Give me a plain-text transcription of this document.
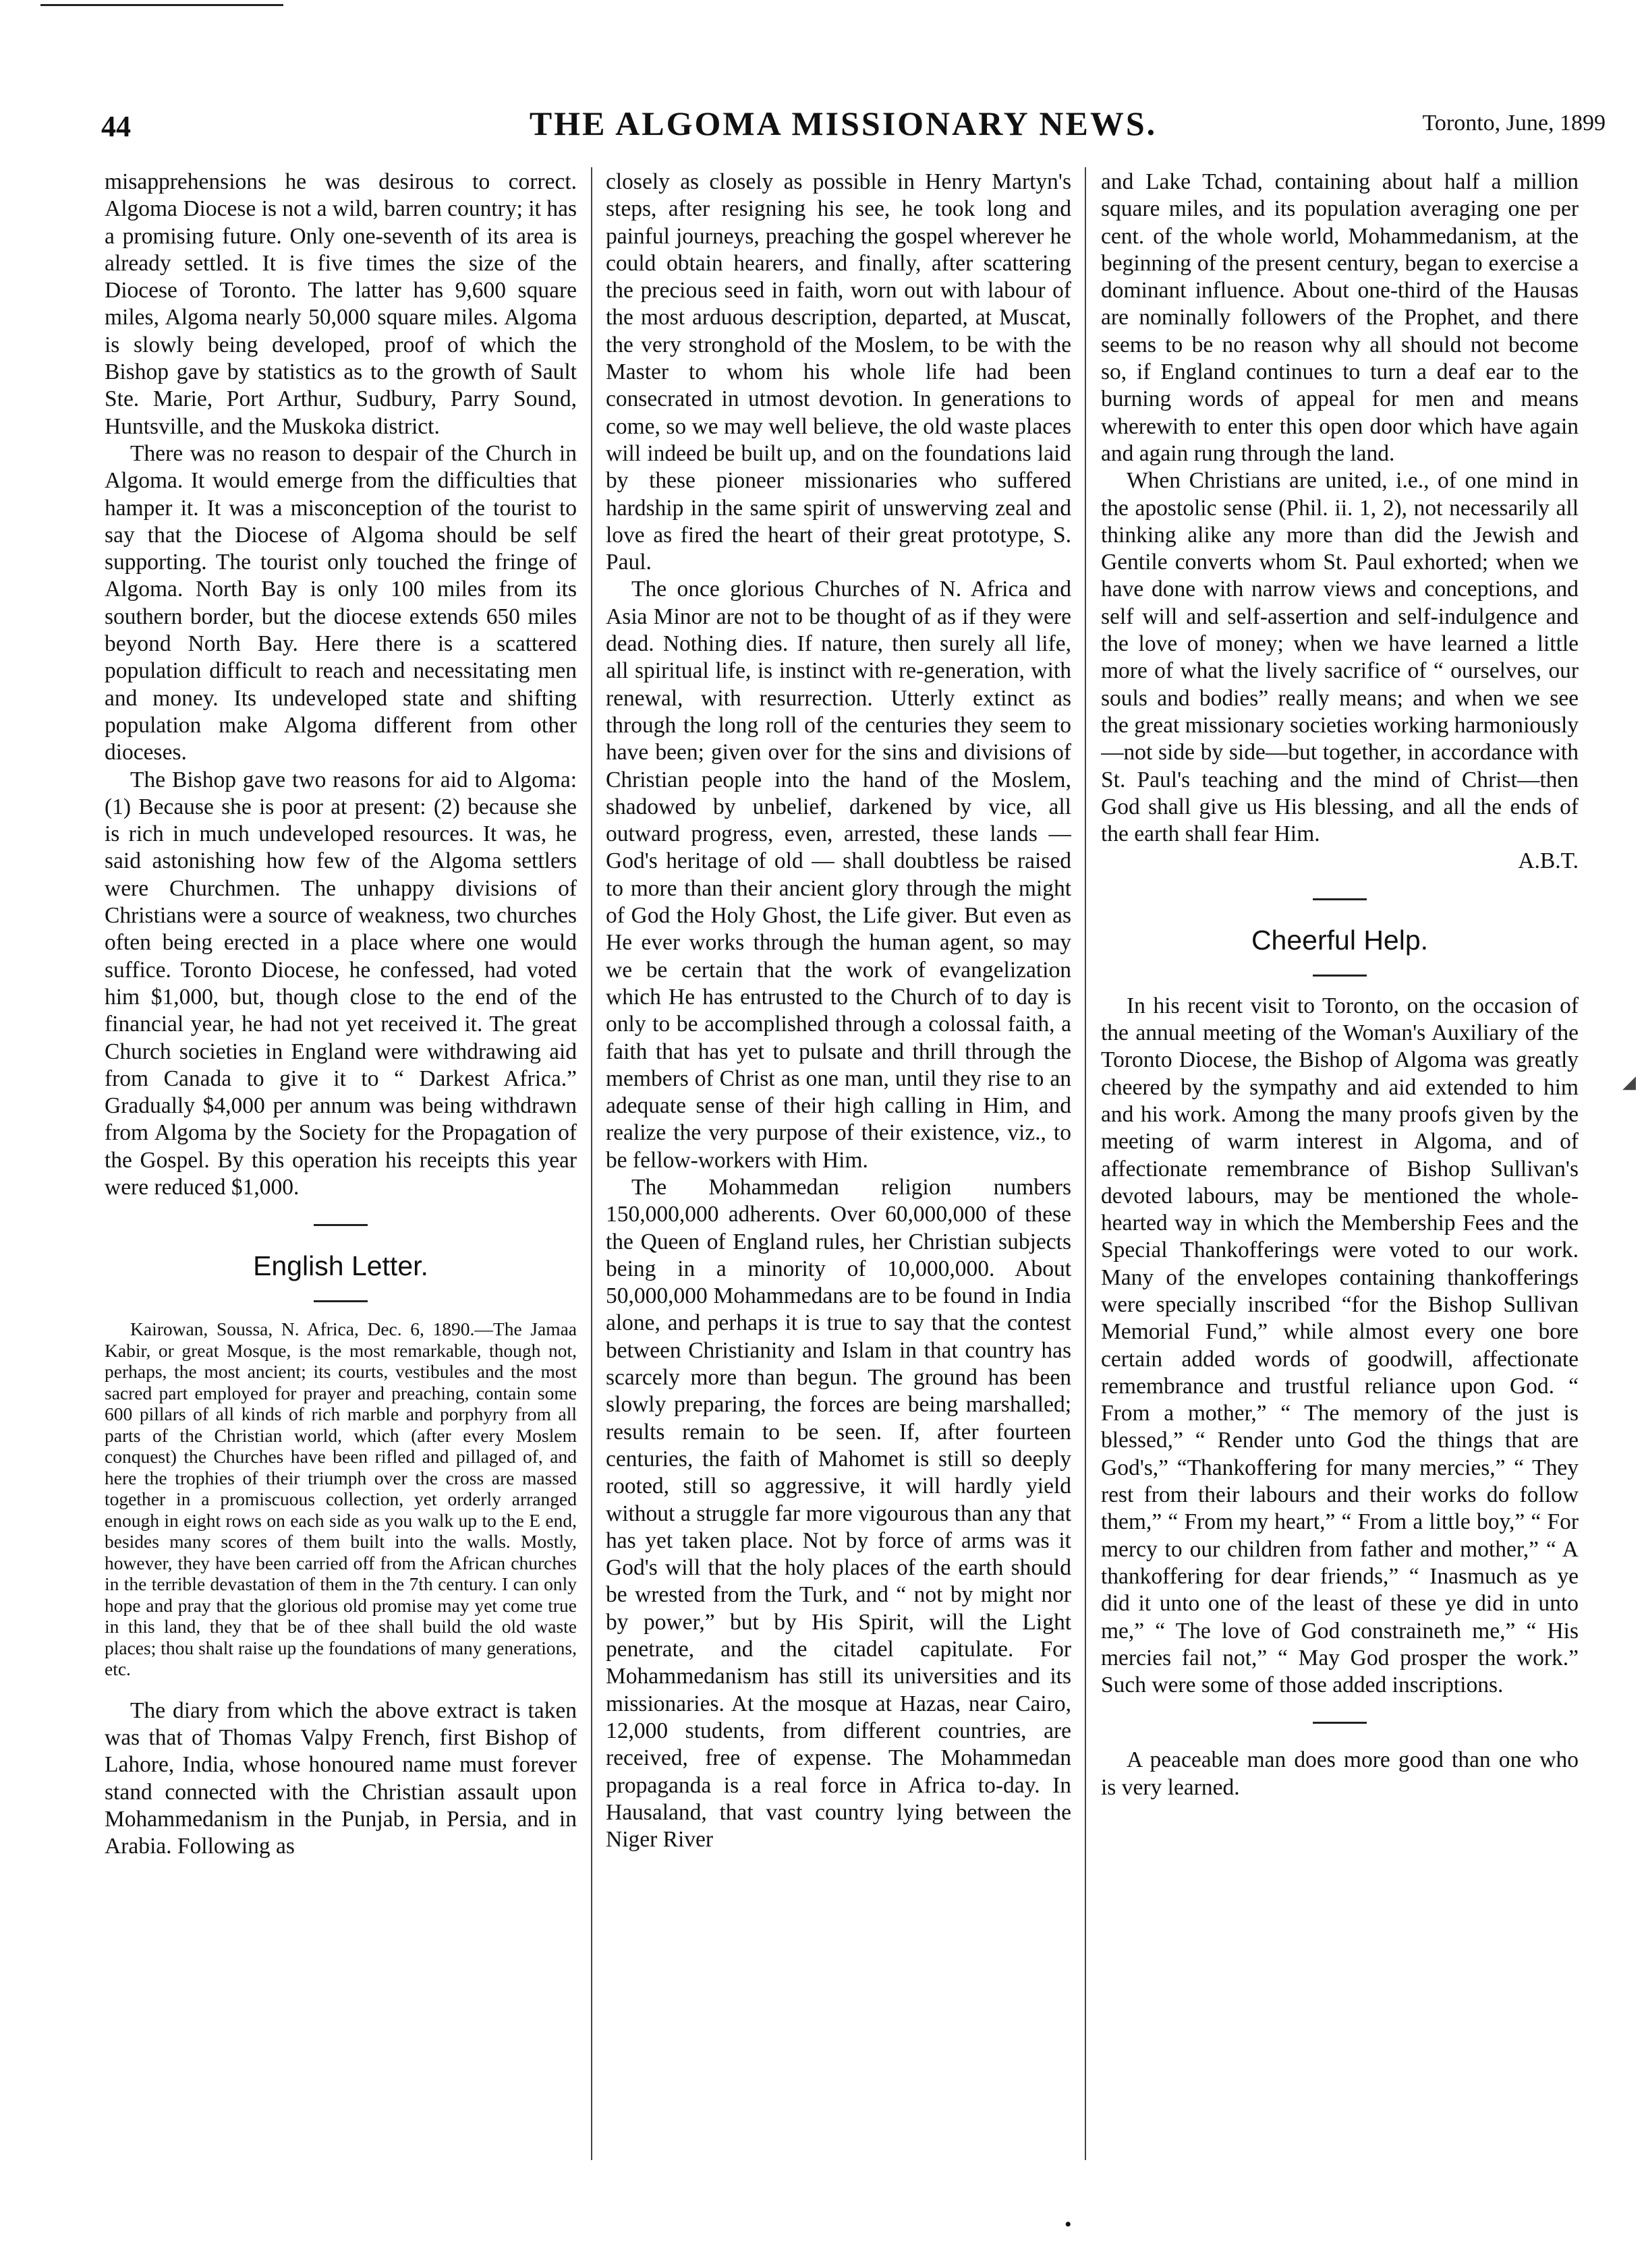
44	THE ALGOMA MISSIONARY NEWS.	Toronto, June, 1899

misapprehensions he was desirous to correct. Algoma Diocese is not a wild, barren country; it has a promising future. Only one-seventh of its area is already settled. It is five times the size of the Diocese of Toronto. The latter has 9,600 square miles, Algoma nearly 50,000 square miles. Algoma is slowly being developed, proof of which the Bishop gave by statistics as to the growth of Sault Ste. Marie, Port Arthur, Sudbury, Parry Sound, Huntsville, and the Muskoka district.

There was no reason to despair of the Church in Algoma. It would emerge from the difficulties that hamper it. It was a misconception of the tourist to say that the Diocese of Algoma should be self supporting. The tourist only touched the fringe of Algoma. North Bay is only 100 miles from its southern border, but the diocese extends 650 miles beyond North Bay. Here there is a scattered population difficult to reach and necessitating men and money. Its undeveloped state and shifting population make Algoma different from other dioceses.

The Bishop gave two reasons for aid to Algoma: (1) Because she is poor at present: (2) because she is rich in much undeveloped resources. It was, he said astonishing how few of the Algoma settlers were Churchmen. The unhappy divisions of Christians were a source of weakness, two churches often being erected in a place where one would suffice. Toronto Diocese, he confessed, had voted him $1,000, but, though close to the end of the financial year, he had not yet received it. The great Church societies in England were withdrawing aid from Canada to give it to “ Darkest Africa.” Gradually $4,000 per annum was being withdrawn from Algoma by the Society for the Propagation of the Gospel. By this operation his receipts this year were reduced $1,000.

English Letter.

Kairowan, Soussa, N. Africa, Dec. 6, 1890.—The Jamaa Kabir, or great Mosque, is the most remarkable, though not, perhaps, the most ancient; its courts, vestibules and the most sacred part employed for prayer and preaching, contain some 600 pillars of all kinds of rich marble and porphyry from all parts of the Christian world, which (after every Moslem conquest) the Churches have been rifled and pillaged of, and here the trophies of their triumph over the cross are massed together in a promiscuous collection, yet orderly arranged enough in eight rows on each side as you walk up to the E end, besides many scores of them built into the walls. Mostly, however, they have been carried off from the African churches in the terrible devastation of them in the 7th century. I can only hope and pray that the glorious old promise may yet come true in this land, they that be of thee shall build the old waste places; thou shalt raise up the foundations of many generations, etc.

The diary from which the above extract is taken was that of Thomas Valpy French, first Bishop of Lahore, India, whose honoured name must forever stand connected with the Christian assault upon Mohammedanism in the Punjab, in Persia, and in Arabia. Following as

closely as closely as possible in Henry Martyn's steps, after resigning his see, he took long and painful journeys, preaching the gospel wherever he could obtain hearers, and finally, after scattering the precious seed in faith, worn out with labour of the most arduous description, departed, at Muscat, the very stronghold of the Moslem, to be with the Master to whom his whole life had been consecrated in utmost devotion. In generations to come, so we may well believe, the old waste places will indeed be built up, and on the foundations laid by these pioneer missionaries who suffered hardship in the same spirit of unswerving zeal and love as fired the heart of their great prototype, S. Paul.

The once glorious Churches of N. Africa and Asia Minor are not to be thought of as if they were dead. Nothing dies. If nature, then surely all life, all spiritual life, is instinct with re-generation, with renewal, with resurrection. Utterly extinct as through the long roll of the centuries they seem to have been; given over for the sins and divisions of Christian people into the hand of the Moslem, shadowed by unbelief, darkened by vice, all outward progress, even, arrested, these lands — God's heritage of old — shall doubtless be raised to more than their ancient glory through the might of God the Holy Ghost, the Life giver. But even as He ever works through the human agent, so may we be certain that the work of evangelization which He has entrusted to the Church of to day is only to be accomplished through a colossal faith, a faith that has yet to pulsate and thrill through the members of Christ as one man, until they rise to an adequate sense of their high calling in Him, and realize the very purpose of their existence, viz., to be fellow-workers with Him.

The Mohammedan religion numbers 150,000,000 adherents. Over 60,000,000 of these the Queen of England rules, her Christian subjects being in a minority of 10,000,000. About 50,000,000 Mohammedans are to be found in India alone, and perhaps it is true to say that the contest between Christianity and Islam in that country has scarcely more than begun. The ground has been slowly preparing, the forces are being marshalled; results remain to be seen. If, after fourteen centuries, the faith of Mahomet is still so deeply rooted, still so aggressive, it will hardly yield without a struggle far more vigourous than any that has yet taken place. Not by force of arms was it God's will that the holy places of the earth should be wrested from the Turk, and “ not by might nor by power,” but by His Spirit, will the Light penetrate, and the citadel capitulate. For Mohammedanism has still its universities and its missionaries. At the mosque at Hazas, near Cairo, 12,000 students, from different countries, are received, free of expense. The Mohammedan propaganda is a real force in Africa to-day. In Hausaland, that vast country lying between the Niger River

and Lake Tchad, containing about half a million square miles, and its population averaging one per cent. of the whole world, Mohammedanism, at the beginning of the present century, began to exercise a dominant influence. About one-third of the Hausas are nominally followers of the Prophet, and there seems to be no reason why all should not become so, if England continues to turn a deaf ear to the burning words of appeal for men and means wherewith to enter this open door which have again and again rung through the land.

When Christians are united, i.e., of one mind in the apostolic sense (Phil. ii. 1, 2), not necessarily all thinking alike any more than did the Jewish and Gentile converts whom St. Paul exhorted; when we have done with narrow views and conceptions, and self will and self-assertion and self-indulgence and the love of money; when we have learned a little more of what the lively sacrifice of “ ourselves, our souls and bodies” really means; and when we see the great missionary societies working harmoniously —not side by side—but together, in accordance with St. Paul's teaching and the mind of Christ—then God shall give us His blessing, and all the ends of the earth shall fear Him.

A.B.T.

Cheerful Help.

In his recent visit to Toronto, on the occasion of the annual meeting of the Woman's Auxiliary of the Toronto Diocese, the Bishop of Algoma was greatly cheered by the sympathy and aid extended to him and his work. Among the many proofs given by the meeting of warm interest in Algoma, and of affectionate remembrance of Bishop Sullivan's devoted labours, may be mentioned the whole-hearted way in which the Membership Fees and the Special Thankofferings were voted to our work. Many of the envelopes containing thankofferings were specially inscribed “for the Bishop Sullivan Memorial Fund,” while almost every one bore certain added words of goodwill, affectionate remembrance and trustful reliance upon God. “ From a mother,” “ The memory of the just is blessed,” “ Render unto God the things that are God's,” “Thankoffering for many mercies,” “ They rest from their labours and their works do follow them,” “ From my heart,” “ From a little boy,” “ For mercy to our children from father and mother,” “ A thankoffering for dear friends,” “ Inasmuch as ye did it unto one of the least of these ye did in unto me,” “ The love of God constraineth me,” “ His mercies fail not,” “ May God prosper the work.” Such were some of those added inscriptions.

A peaceable man does more good than one who is very learned.

◢
•
